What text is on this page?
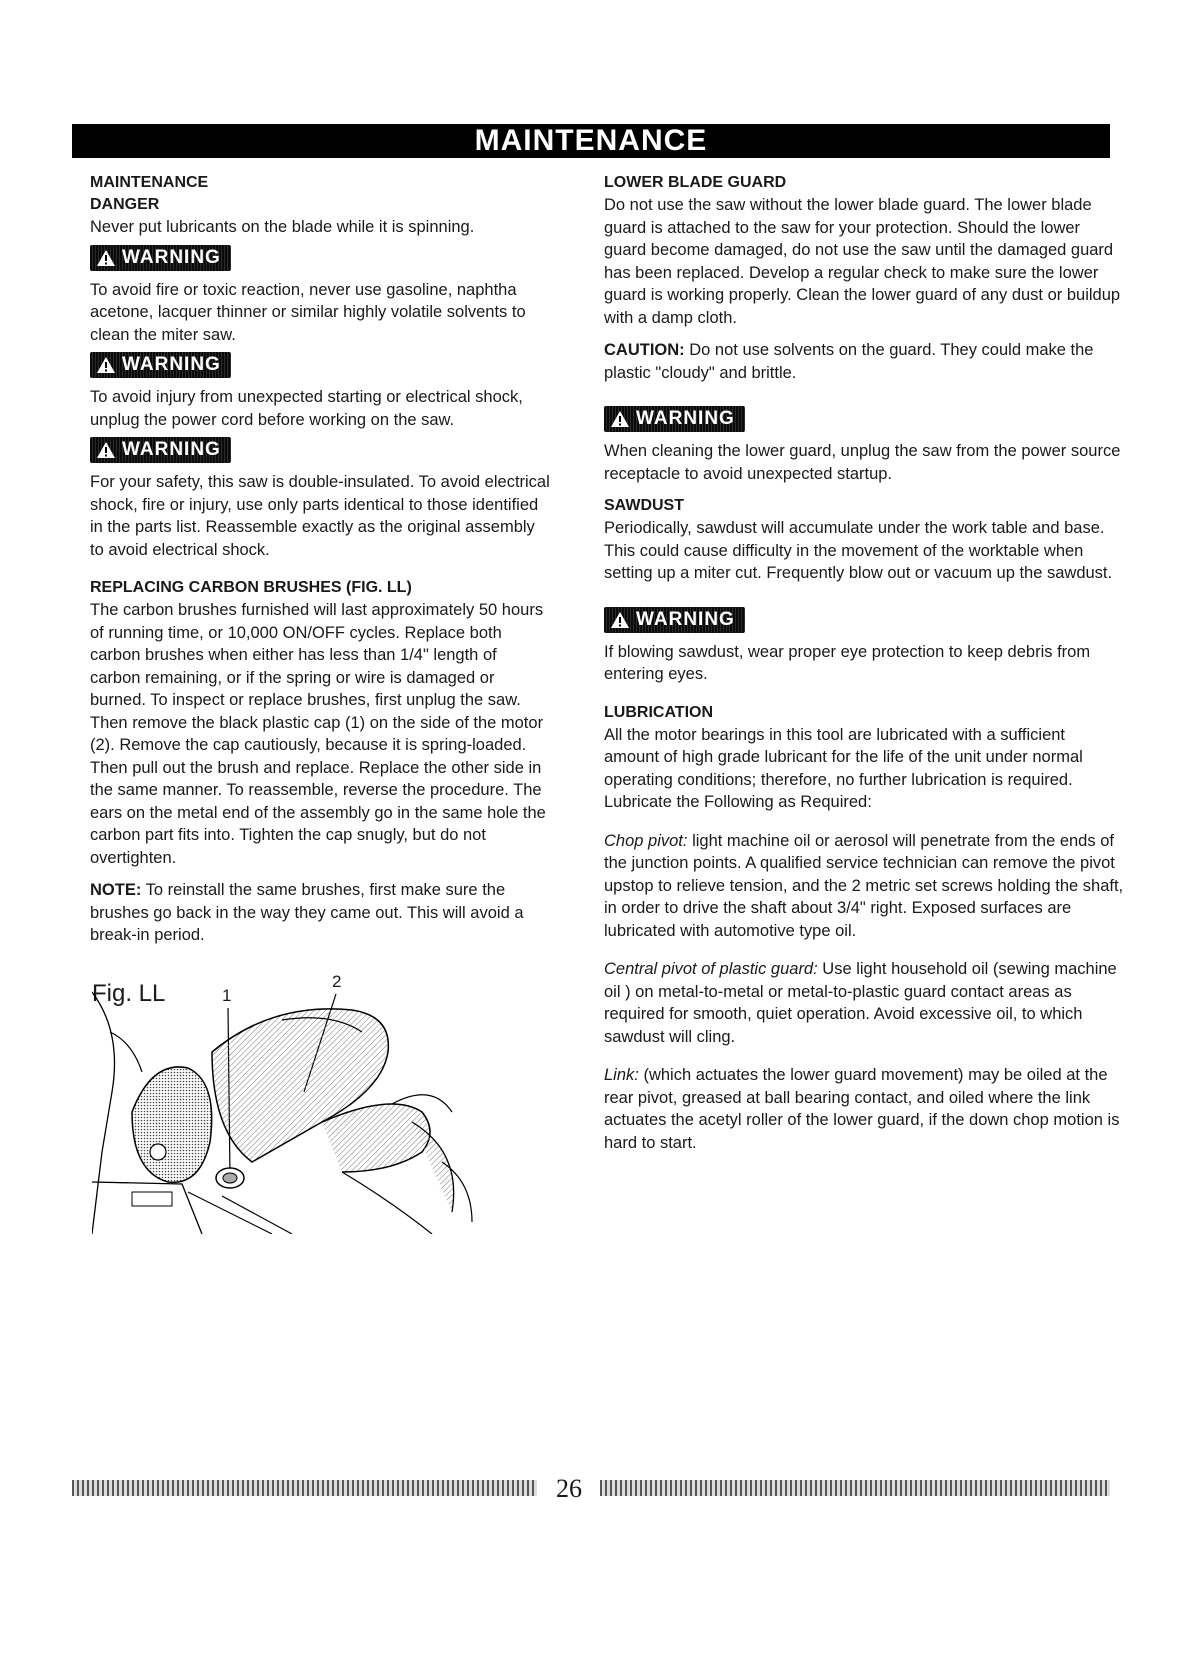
MAINTENANCE

MAINTENANCE

DANGER

Never put lubricants on the blade while it is spinning.

WARNING

To avoid fire or toxic reaction, never use gasoline, naphtha acetone, lacquer thinner or similar highly volatile solvents to clean the miter saw.

WARNING

To avoid injury from unexpected starting or electrical shock, unplug the power cord before working on the saw.

WARNING

For your safety, this saw is double-insulated. To avoid electrical shock, fire or injury, use only parts identical to those identified in the parts list. Reassemble exactly as the original assembly to avoid electrical shock.

REPLACING CARBON BRUSHES (FIG. LL)

The carbon brushes furnished will last approximately 50 hours of running time, or 10,000 ON/OFF cycles. Replace both carbon brushes when either has less than 1/4" length of carbon remaining, or if the spring or wire is damaged or burned. To inspect or replace brushes, first unplug the saw. Then remove the black plastic cap (1) on the side of the motor (2). Remove the cap cautiously, because it is spring-loaded. Then pull out the brush and replace. Replace the other side in the same manner. To reassemble, reverse the procedure. The ears on the metal end of the assembly go in the same hole the carbon part fits into. Tighten the cap snugly, but do not overtighten.

NOTE: To reinstall the same brushes, first make sure the brushes go back in the way they came out. This will avoid a break-in period.

Fig. LL	1
2

LOWER BLADE GUARD

Do not use the saw without the lower blade guard. The lower blade guard is attached to the saw for your protection. Should the lower guard become damaged, do not use the saw until the damaged guard has been replaced. Develop a regular check to make sure the lower guard is working properly. Clean the lower guard of any dust or buildup with a damp cloth.

CAUTION: Do not use solvents on the guard. They could make the plastic "cloudy" and brittle.

WARNING

When cleaning the lower guard, unplug the saw from the power source receptacle to avoid unexpected startup.

SAWDUST

Periodically, sawdust will accumulate under the work table and base. This could cause difficulty in the movement of the worktable when setting up a miter cut. Frequently blow out or vacuum up the sawdust.

WARNING

If blowing sawdust, wear proper eye protection to keep debris from entering eyes.

LUBRICATION

All the motor bearings in this tool are lubricated with a sufficient amount of high grade lubricant for the life of the unit under normal operating conditions; therefore, no further lubrication is required.

Lubricate the Following as Required:

Chop pivot: light machine oil or aerosol will penetrate from the ends of the junction points. A qualified service technician can remove the pivot upstop to relieve tension, and the 2 metric set screws holding the shaft, in order to drive the shaft about 3/4" right. Exposed surfaces are lubricated with automotive type oil.

Central pivot of plastic guard: Use light household oil (sewing machine oil ) on metal-to-metal or metal-to-plastic guard contact areas as required for smooth, quiet operation. Avoid excessive oil, to which sawdust will cling.

Link: (which actuates the lower guard movement) may be oiled at the rear pivot, greased at ball bearing contact, and oiled where the link actuates the acetyl roller of the lower guard, if the down chop motion is hard to start.

26
